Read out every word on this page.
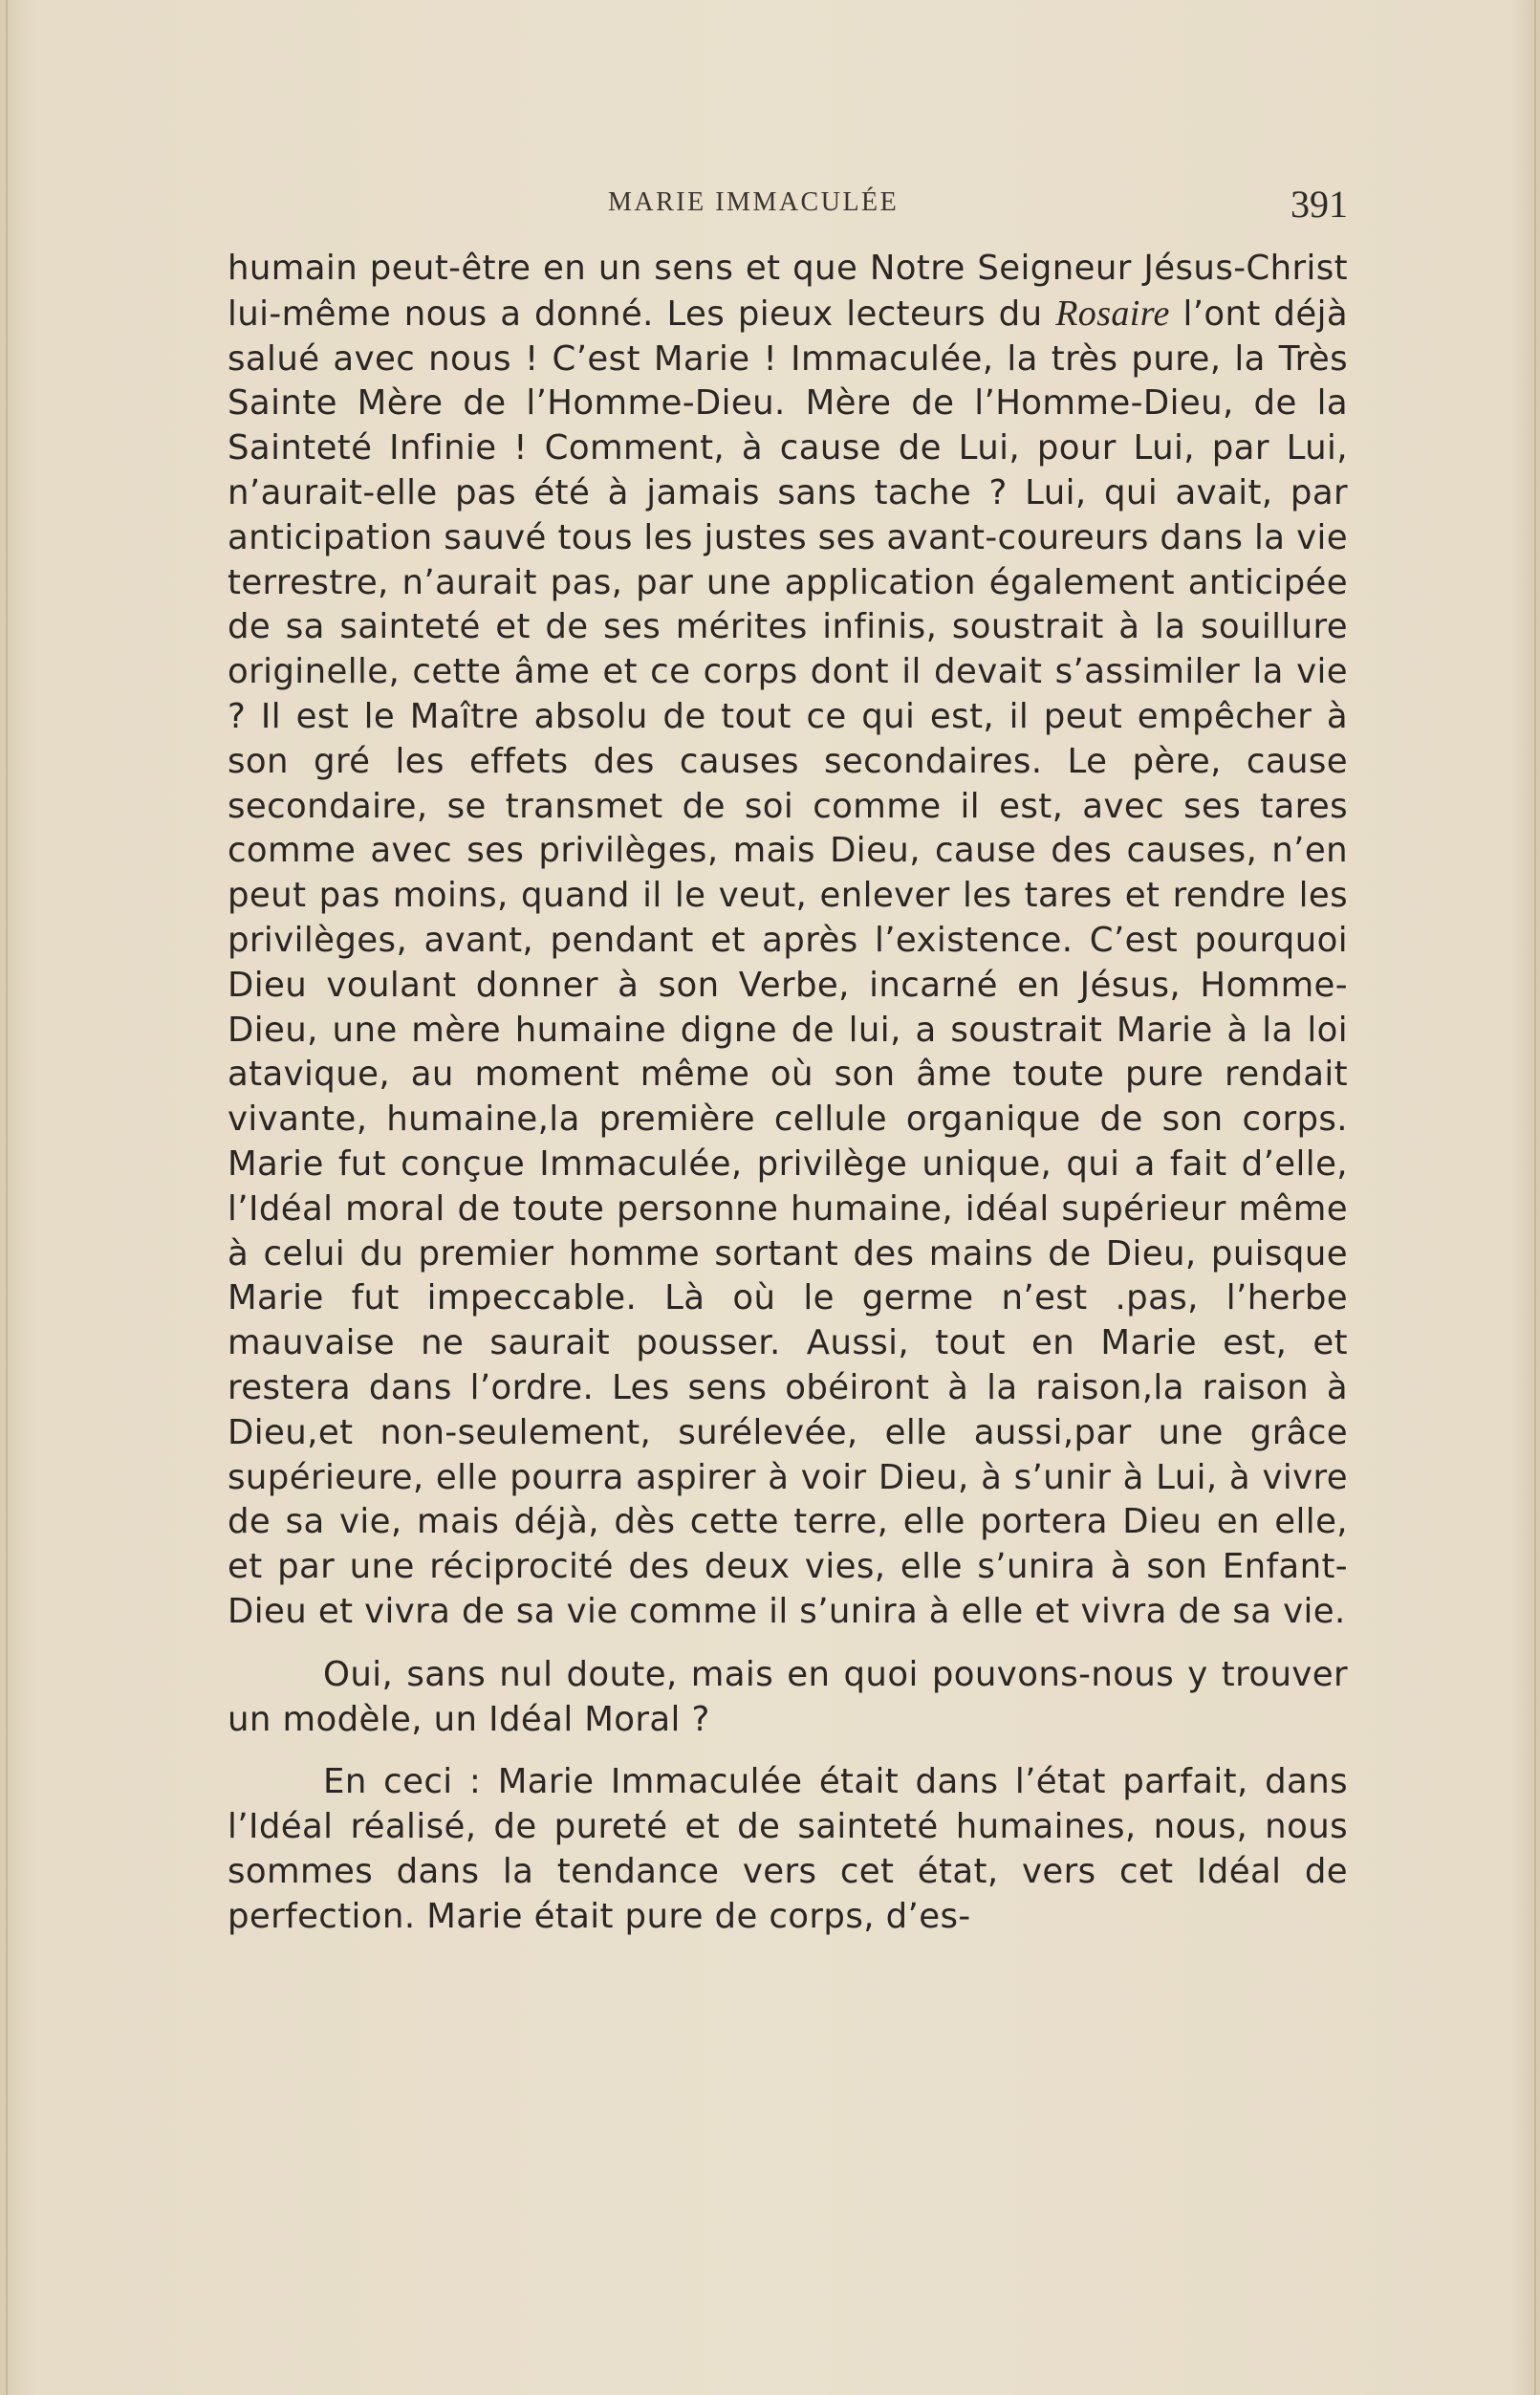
MARIE IMMACULÉE	391

humain peut-être en un sens et que Notre Seigneur Jésus-Christ lui-même nous a donné. Les pieux lecteurs du Rosaire l’ont déjà salué avec nous ! C’est Marie ! Immaculée, la très pure, la Très Sainte Mère de l’Homme-Dieu. Mère de l’Homme-Dieu, de la Sainteté Infinie ! Comment, à cause de Lui, pour Lui, par Lui, n’aurait-elle pas été à jamais sans tache ? Lui, qui avait, par anticipation sauvé tous les justes ses avant-coureurs dans la vie terrestre, n’aurait pas, par une application également anticipée de sa sainteté et de ses mérites infinis, soustrait à la souillure originelle, cette âme et ce corps dont il devait s’assimiler la vie ? Il est le Maître absolu de tout ce qui est, il peut empêcher à son gré les effets des causes secondaires. Le père, cause secondaire, se transmet de soi comme il est, avec ses tares comme avec ses privilèges, mais Dieu, cause des causes, n’en peut pas moins, quand il le veut, enlever les tares et rendre les privilèges, avant, pendant et après l’existence. C’est pourquoi Dieu voulant donner à son Verbe, incarné en Jésus, Homme-Dieu, une mère humaine digne de lui, a soustrait Marie à la loi atavique, au moment même où son âme toute pure rendait vivante, humaine,la première cellule organique de son corps. Marie fut conçue Immaculée, privilège unique, qui a fait d’elle, l’Idéal moral de toute personne humaine, idéal supérieur même à celui du premier homme sortant des mains de Dieu, puisque Marie fut impeccable. Là où le germe n’est .pas, l’herbe mauvaise ne saurait pousser. Aussi, tout en Marie est, et restera dans l’ordre. Les sens obéiront à la raison,la raison à Dieu,et non-seulement, surélevée, elle aussi,par une grâce supérieure, elle pourra aspirer à voir Dieu, à s’unir à Lui, à vivre de sa vie, mais déjà, dès cette terre, elle portera Dieu en elle, et par une réciprocité des deux vies, elle s’unira à son Enfant-Dieu et vivra de sa vie comme il s’unira à elle et vivra de sa vie.

Oui, sans nul doute, mais en quoi pouvons-nous y trouver un modèle, un Idéal Moral ?

En ceci : Marie Immaculée était dans l’état parfait, dans l’Idéal réalisé, de pureté et de sainteté humaines, nous, nous sommes dans la tendance vers cet état, vers cet Idéal de perfection. Marie était pure de corps, d’es-
